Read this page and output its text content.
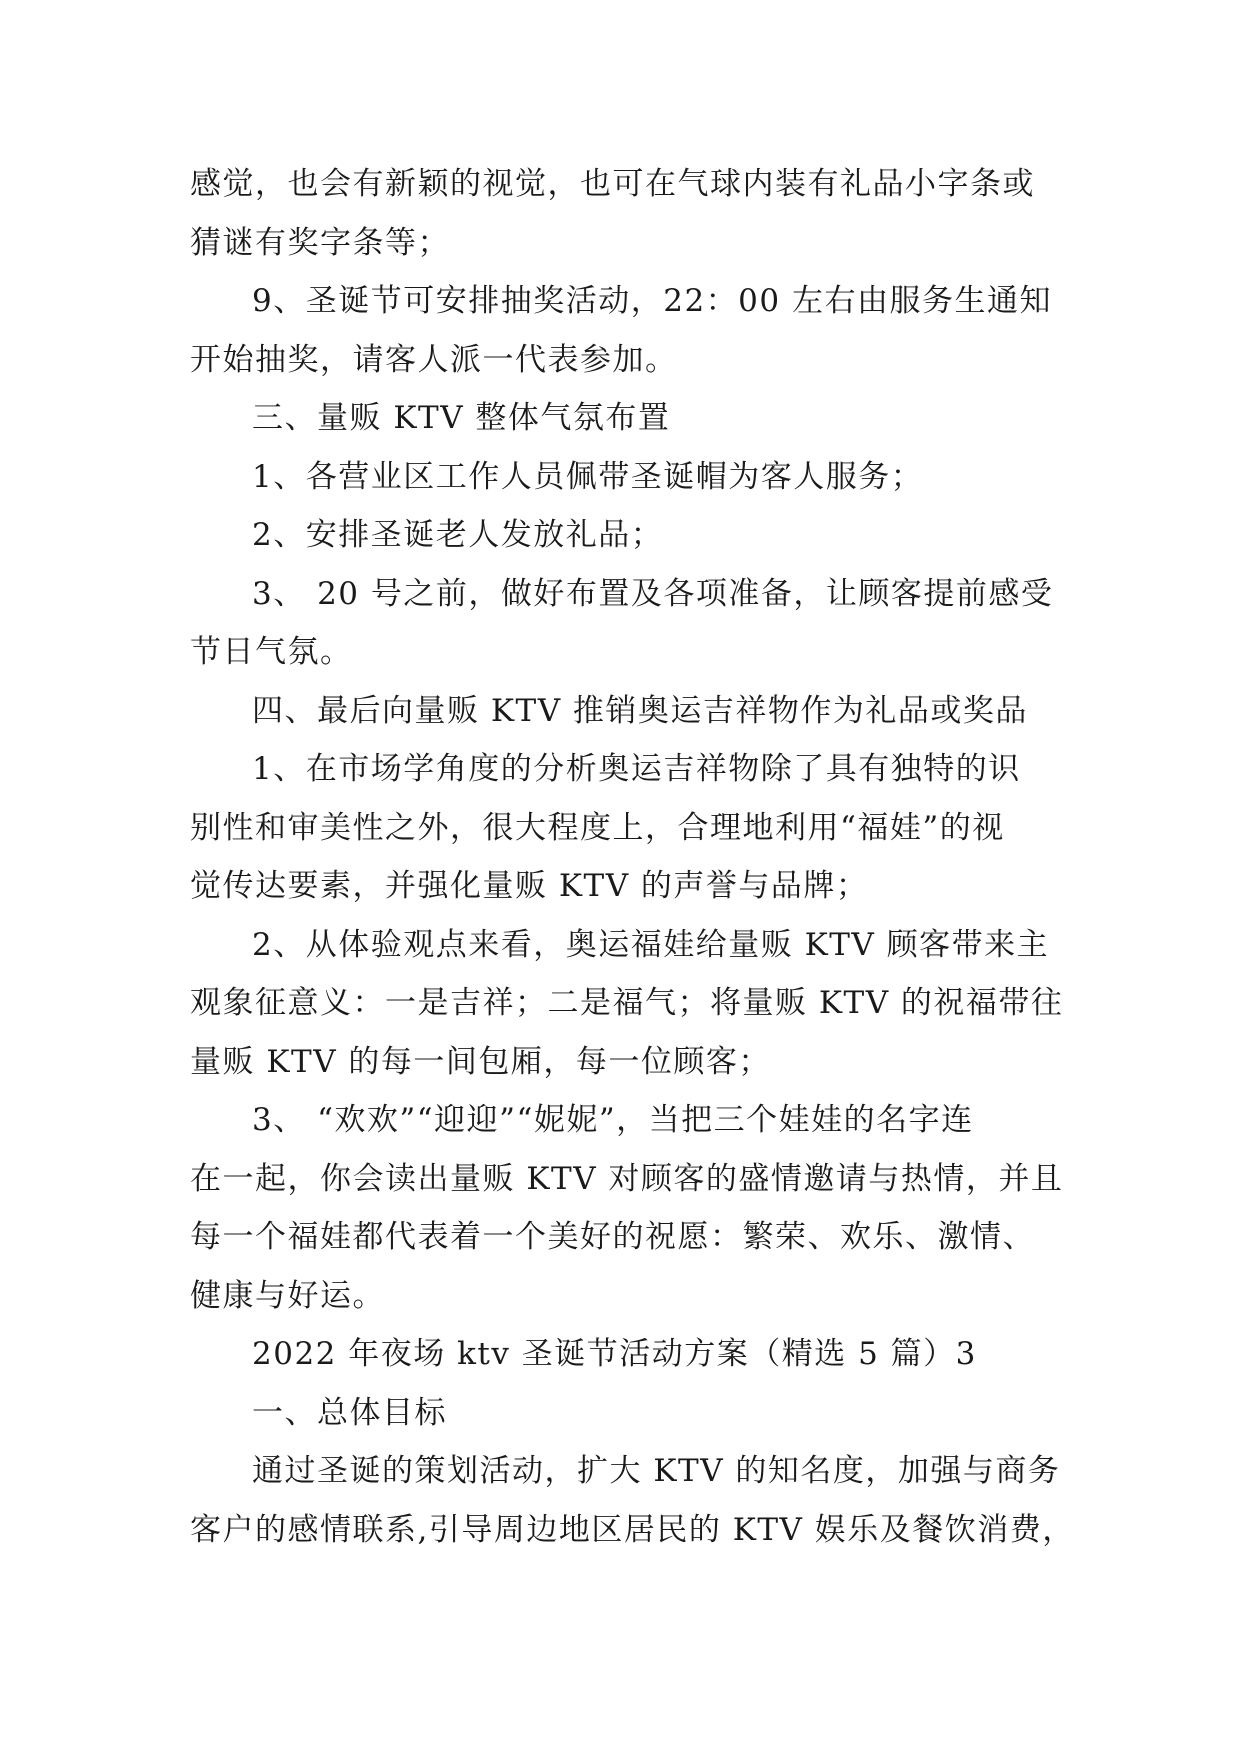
感觉，也会有新颖的视觉，也可在气球内装有礼品小字条或
猜谜有奖字条等；
9、圣诞节可安排抽奖活动，22：00 左右由服务生通知
开始抽奖，请客人派一代表参加。
三、量贩 KTV 整体气氛布置
1、各营业区工作人员佩带圣诞帽为客人服务；
2、安排圣诞老人发放礼品；
3、 20 号之前，做好布置及各项准备，让顾客提前感受
节日气氛。
四、最后向量贩 KTV 推销奥运吉祥物作为礼品或奖品
1、在市场学角度的分析奥运吉祥物除了具有独特的识
别性和审美性之外，很大程度上，合理地利用“福娃”的视
觉传达要素，并强化量贩 KTV 的声誉与品牌；
2、从体验观点来看，奥运福娃给量贩 KTV 顾客带来主
观象征意义：一是吉祥；二是福气；将量贩 KTV 的祝福带往
量贩 KTV 的每一间包厢，每一位顾客；
3、 “欢欢”“迎迎”“妮妮”，当把三个娃娃的名字连
在一起，你会读出量贩 KTV 对顾客的盛情邀请与热情，并且
每一个福娃都代表着一个美好的祝愿：繁荣、欢乐、激情、
健康与好运。
2022 年夜场 ktv 圣诞节活动方案（精选 5 篇）3
一、总体目标
通过圣诞的策划活动，扩大 KTV 的知名度，加强与商务
客户的感情联系,引导周边地区居民的 KTV 娱乐及餐饮消费，
